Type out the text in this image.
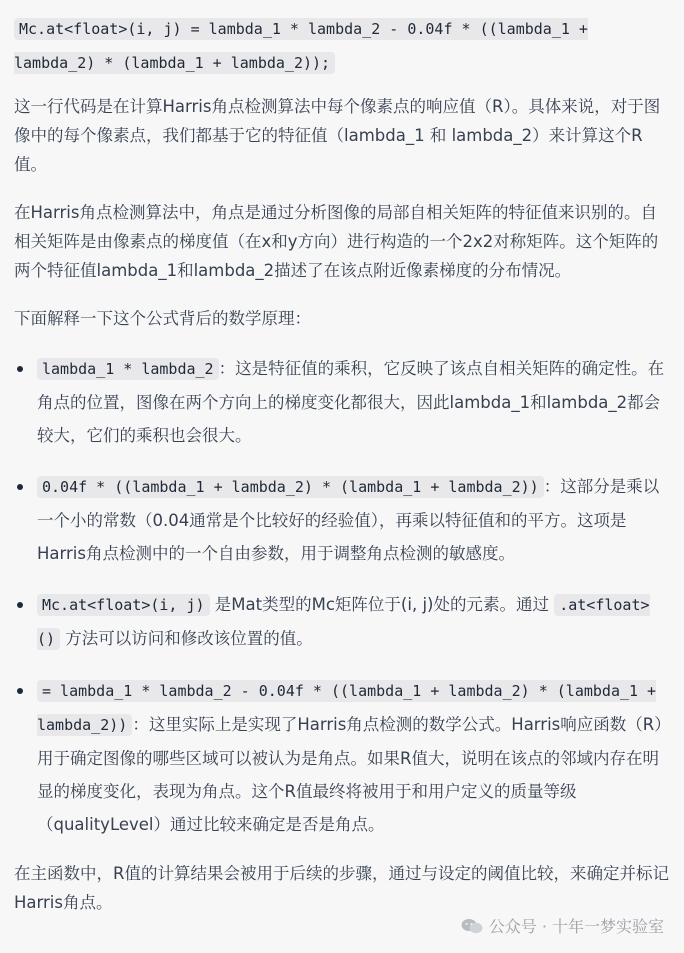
Mc.at<float>(i, j) = lambda_1 * lambda_2 - 0.04f * ((lambda_1 + lambda_2) * (lambda_1 + lambda_2));

这一行代码是在计算Harris角点检测算法中每个像素点的响应值（R）。具体来说，对于图像中的每个像素点，我们都基于它的特征值（lambda_1 和 lambda_2）来计算这个R值。

在Harris角点检测算法中，角点是通过分析图像的局部自相关矩阵的特征值来识别的。自相关矩阵是由像素点的梯度值（在x和y方向）进行构造的一个2x2对称矩阵。这个矩阵的两个特征值lambda_1和lambda_2描述了在该点附近像素梯度的分布情况。

下面解释一下这个公式背后的数学原理：

lambda_1 * lambda_2 ：这是特征值的乘积，它反映了该点自相关矩阵的确定性。在角点的位置，图像在两个方向上的梯度变化都很大，因此lambda_1和lambda_2都会较大，它们的乘积也会很大。
0.04f * ((lambda_1 + lambda_2) * (lambda_1 + lambda_2)) ：这部分是乘以一个小的常数（0.04通常是个比较好的经验值），再乘以特征值和的平方。这项是Harris角点检测中的一个自由参数，用于调整角点检测的敏感度。
Mc.at<float>(i, j) 是Mat类型的Mc矩阵位于(i, j)处的元素。通过 .at<float>() 方法可以访问和修改该位置的值。
= lambda_1 * lambda_2 - 0.04f * ((lambda_1 + lambda_2) * (lambda_1 + lambda_2)) ：这里实际上是实现了Harris角点检测的数学公式。Harris响应函数（R）用于确定图像的哪些区域可以被认为是角点。如果R值大，说明在该点的邻域内存在明显的梯度变化，表现为角点。这个R值最终将被用于和用户定义的质量等级（qualityLevel）通过比较来确定是否是角点。

在主函数中，R值的计算结果会被用于后续的步骤，通过与设定的阈值比较，来确定并标记Harris角点。

公众号 · 十年一梦实验室
